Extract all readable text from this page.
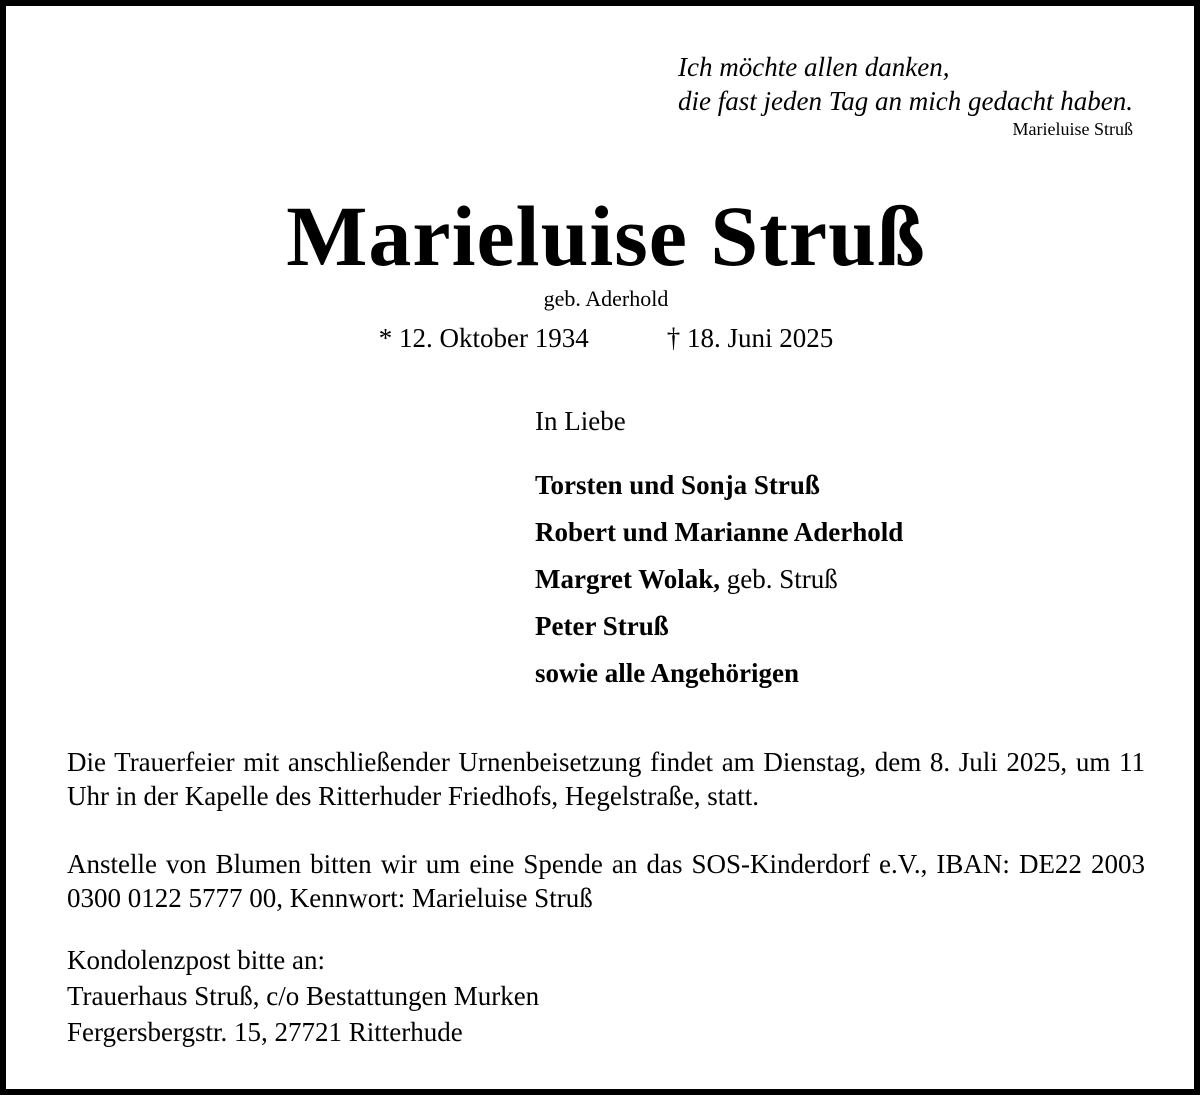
Ich möchte allen danken,
die fast jeden Tag an mich gedacht haben.
Marieluise Struß
Marieluise Struß
geb. Aderhold
* 12. Oktober 1934	† 18. Juni 2025
In Liebe
Torsten und Sonja Struß
Robert und Marianne Aderhold
Margret Wolak, geb. Struß
Peter Struß
sowie alle Angehörigen
Die Trauerfeier mit anschließender Urnenbeisetzung findet am Dienstag, dem 8. Juli 2025, um 11 Uhr in der Kapelle des Ritterhuder Friedhofs, Hegelstraße, statt.
Anstelle von Blumen bitten wir um eine Spende an das SOS-Kinderdorf e.V., IBAN: DE22 2003 0300 0122 5777 00, Kennwort: Marieluise Struß
Kondolenzpost bitte an:
Trauerhaus Struß, c/o Bestattungen Murken
Fergersbergstr. 15, 27721 Ritterhude
